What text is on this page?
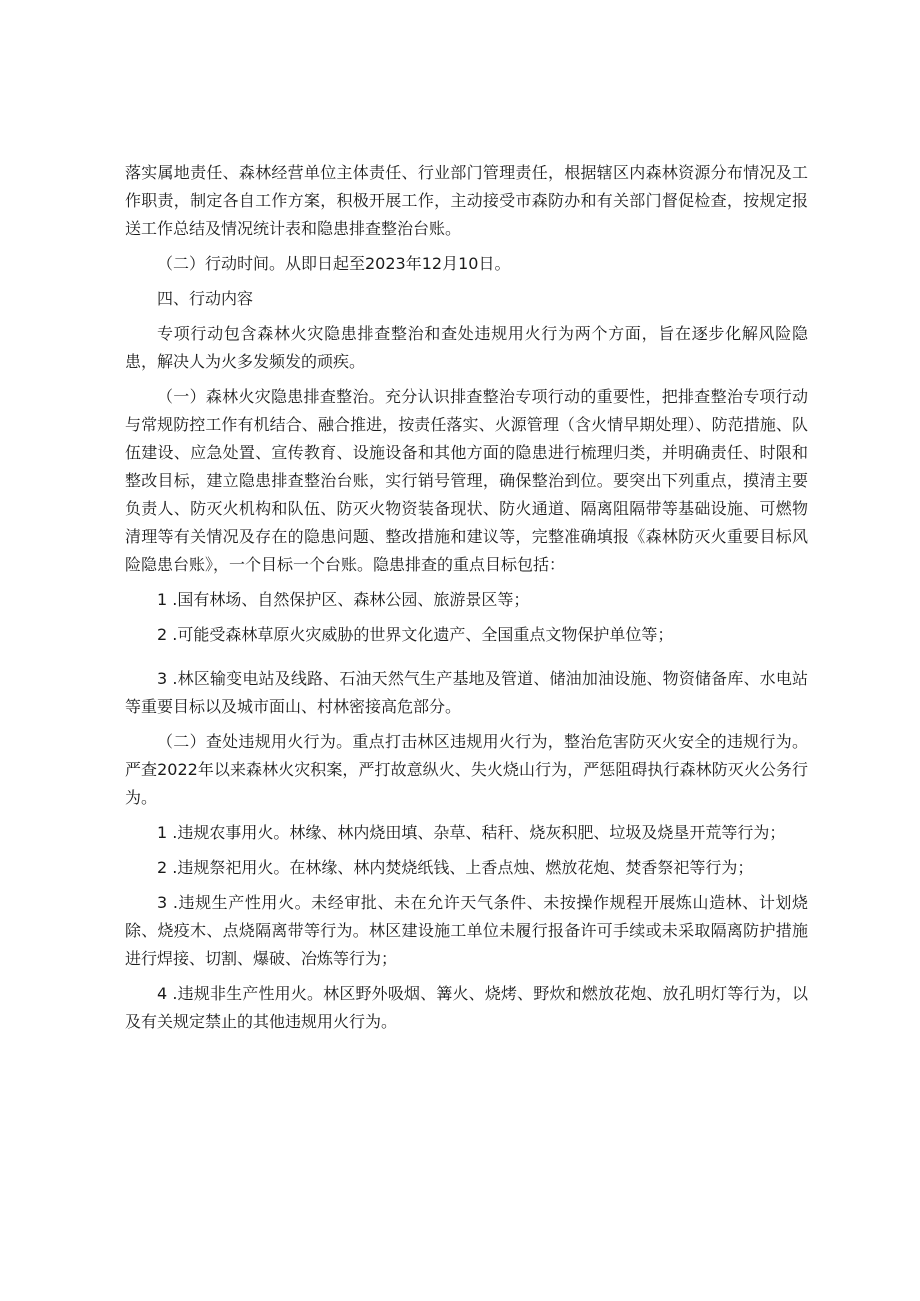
落实属地责任、森林经营单位主体责任、行业部门管理责任，根据辖区内森林资源分布情况及工作职责，制定各自工作方案，积极开展工作，主动接受市森防办和有关部门督促检查，按规定报送工作总结及情况统计表和隐患排查整治台账。

（二）行动时间。从即日起至2023年12月10日。

四、行动内容

专项行动包含森林火灾隐患排查整治和查处违规用火行为两个方面，旨在逐步化解风险隐患，解决人为火多发频发的顽疾。

（一）森林火灾隐患排查整治。充分认识排查整治专项行动的重要性，把排查整治专项行动与常规防控工作有机结合、融合推进，按责任落实、火源管理（含火情早期处理）、防范措施、队伍建设、应急处置、宣传教育、设施设备和其他方面的隐患进行梳理归类，并明确责任、时限和整改目标，建立隐患排查整治台账，实行销号管理，确保整治到位。要突出下列重点，摸清主要负责人、防灭火机构和队伍、防灭火物资装备现状、防火通道、隔离阻隔带等基础设施、可燃物清理等有关情况及存在的隐患问题、整改措施和建议等，完整准确填报《森林防灭火重要目标风险隐患台账》，一个目标一个台账。隐患排查的重点目标包括：

1 .国有林场、自然保护区、森林公园、旅游景区等；

2 .可能受森林草原火灾威胁的世界文化遗产、全国重点文物保护单位等；

3 .林区输变电站及线路、石油天然气生产基地及管道、储油加油设施、物资储备库、水电站等重要目标以及城市面山、村林密接高危部分。

（二）查处违规用火行为。重点打击林区违规用火行为，整治危害防灭火安全的违规行为。严查2022年以来森林火灾积案，严打故意纵火、失火烧山行为，严惩阻碍执行森林防灭火公务行为。

1 .违规农事用火。林缘、林内烧田填、杂草、秸秆、烧灰积肥、垃圾及烧垦开荒等行为；

2 .违规祭祀用火。在林缘、林内焚烧纸钱、上香点烛、燃放花炮、焚香祭祀等行为；

3 .违规生产性用火。未经审批、未在允许天气条件、未按操作规程开展炼山造林、计划烧除、烧疫木、点烧隔离带等行为。林区建设施工单位未履行报备许可手续或未采取隔离防护措施进行焊接、切割、爆破、冶炼等行为；

4 .违规非生产性用火。林区野外吸烟、篝火、烧烤、野炊和燃放花炮、放孔明灯等行为，以及有关规定禁止的其他违规用火行为。
